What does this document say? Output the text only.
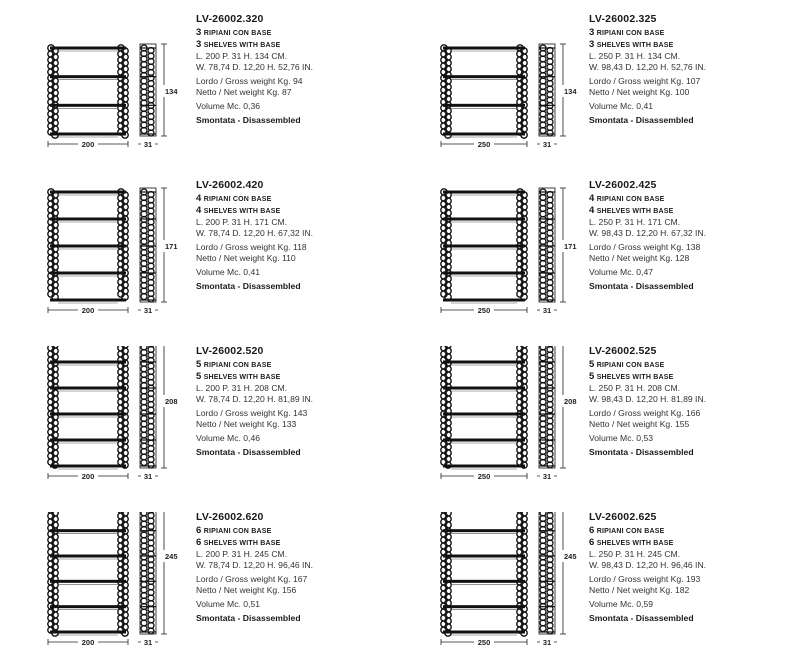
200	31
134
LV-26002.320
3 RIPIANI CON BASE
3 SHELVES WITH BASE
L. 200 P. 31 H. 134 CM.
W. 78,74 D. 12,20 H. 52,76 IN.
Lordo / Gross weight Kg. 94
Netto / Net weight Kg. 87
Volume Mc. 0,36
Smontata - Disassembled
250	31
134
LV-26002.325
3 RIPIANI CON BASE
3 SHELVES WITH BASE
L. 250 P. 31 H. 134 CM.
W. 98,43 D. 12,20 H. 52,76 IN.
Lordo / Gross weight Kg. 107
Netto / Net weight Kg. 100
Volume Mc. 0,41
Smontata - Disassembled
200	31
171
LV-26002.420
4 RIPIANI CON BASE
4 SHELVES WITH BASE
L. 200 P. 31 H. 171 CM.
W. 78,74 D. 12,20 H. 67,32 IN.
Lordo / Gross weight Kg. 118
Netto / Net weight Kg. 110
Volume Mc. 0,41
Smontata - Disassembled
250	31
171
LV-26002.425
4 RIPIANI CON BASE
4 SHELVES WITH BASE
L. 250 P. 31 H. 171 CM.
W. 98,43 D. 12,20 H. 67,32 IN.
Lordo / Gross weight Kg. 138
Netto / Net weight Kg. 128
Volume Mc. 0,47
Smontata - Disassembled
200	31
208
LV-26002.520
5 RIPIANI CON BASE
5 SHELVES WITH BASE
L. 200 P. 31 H. 208 CM.
W. 78,74 D. 12,20 H. 81,89 IN.
Lordo / Gross weight Kg. 143
Netto / Net weight Kg. 133
Volume Mc. 0,46
Smontata - Disassembled
250	31
208
LV-26002.525
5 RIPIANI CON BASE
5 SHELVES WITH BASE
L. 250 P. 31 H. 208 CM.
W. 98,43 D. 12,20 H. 81,89 IN.
Lordo / Gross weight Kg. 166
Netto / Net weight Kg. 155
Volume Mc. 0,53
Smontata - Disassembled
200	31
245
LV-26002.620
6 RIPIANI CON BASE
6 SHELVES WITH BASE
L. 200 P. 31 H. 245 CM.
W. 78,74 D. 12,20 H. 96,46 IN.
Lordo / Gross weight Kg. 167
Netto / Net weight Kg. 156
Volume Mc. 0,51
Smontata - Disassembled
250	31
245
LV-26002.625
6 RIPIANI CON BASE
6 SHELVES WITH BASE
L. 250 P. 31 H. 245 CM.
W. 98,43 D. 12,20 H. 96,46 IN.
Lordo / Gross weight Kg. 193
Netto / Net weight Kg. 182
Volume Mc. 0,59
Smontata - Disassembled
